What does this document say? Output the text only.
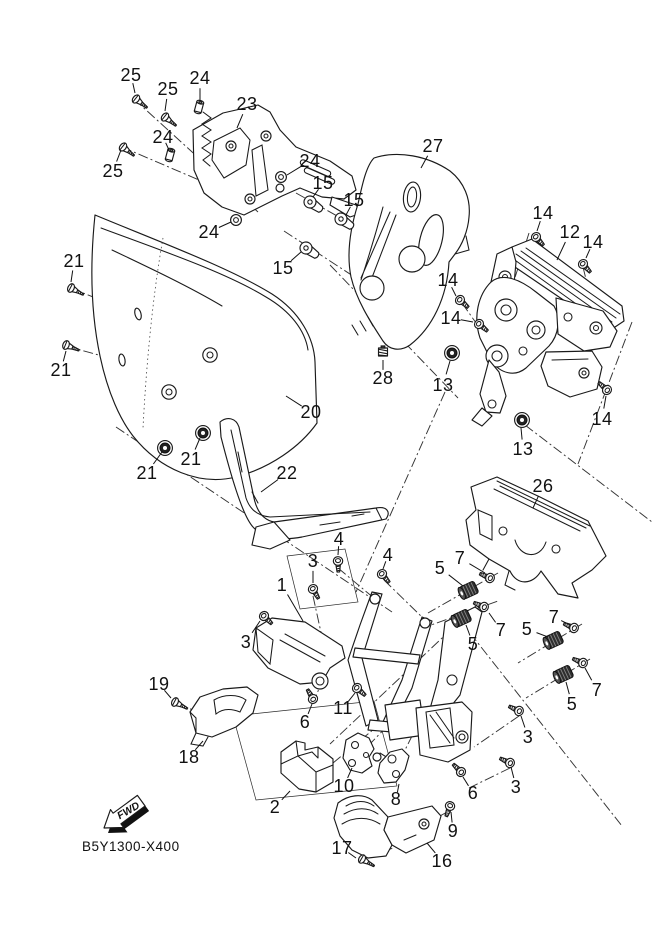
FWD
B5Y1300-X400
25	24
25
23
24
25	24
15
27
15
14
12 14
24
21	15
14
14
21
13
28
14
20
13
21
21
22
26
4
4
3	7
5
1
7
5
7
3	5
19	7
5
11
6
3
18
10	6 3
8
2
9
17
16
